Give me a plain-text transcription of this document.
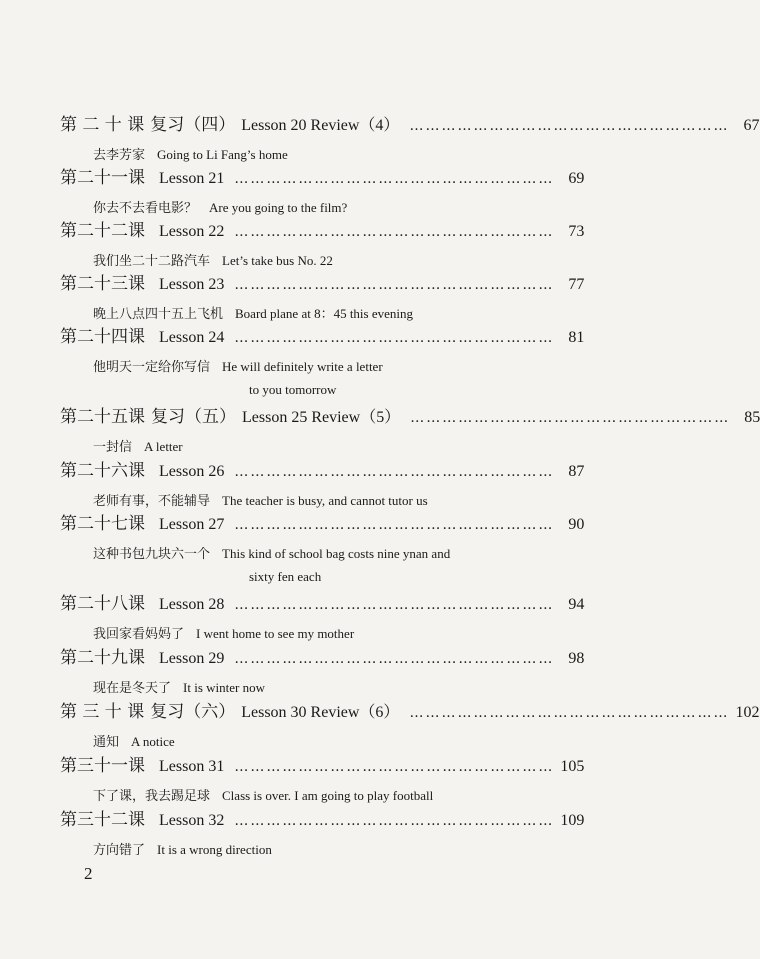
第 二 十 课 复习（四） Lesson 20 Review（4） …………………………………………………… 67
去李芳家 Going to Li Fang’s home
第二十一课 Lesson 21 …………………………………………………… 69
你去不去看电影？ Are you going to the film?
第二十二课 Lesson 22 …………………………………………………… 73
我们坐二十二路汽车 Let’s take bus No. 22
第二十三课 Lesson 23 …………………………………………………… 77
晚上八点四十五上飞机 Board plane at 8：45 this evening
第二十四课 Lesson 24 …………………………………………………… 81
他明天一定给你写信 He will definitely write a letter
to you tomorrow
第二十五课 复习（五） Lesson 25 Review（5） …………………………………………………… 85
一封信 A letter
第二十六课 Lesson 26 …………………………………………………… 87
老师有事，不能辅导 The teacher is busy, and cannot tutor us
第二十七课 Lesson 27 …………………………………………………… 90
这种书包九块六一个 This kind of school bag costs nine ynan and
sixty fen each
第二十八课 Lesson 28 …………………………………………………… 94
我回家看妈妈了 I went home to see my mother
第二十九课 Lesson 29 …………………………………………………… 98
现在是冬天了 It is winter now
第 三 十 课 复习（六） Lesson 30 Review（6） …………………………………………………… 102
通知 A notice
第三十一课 Lesson 31 …………………………………………………… 105
下了课，我去踢足球 Class is over. I am going to play football
第三十二课 Lesson 32 …………………………………………………… 109
方向错了 It is a wrong direction
2
